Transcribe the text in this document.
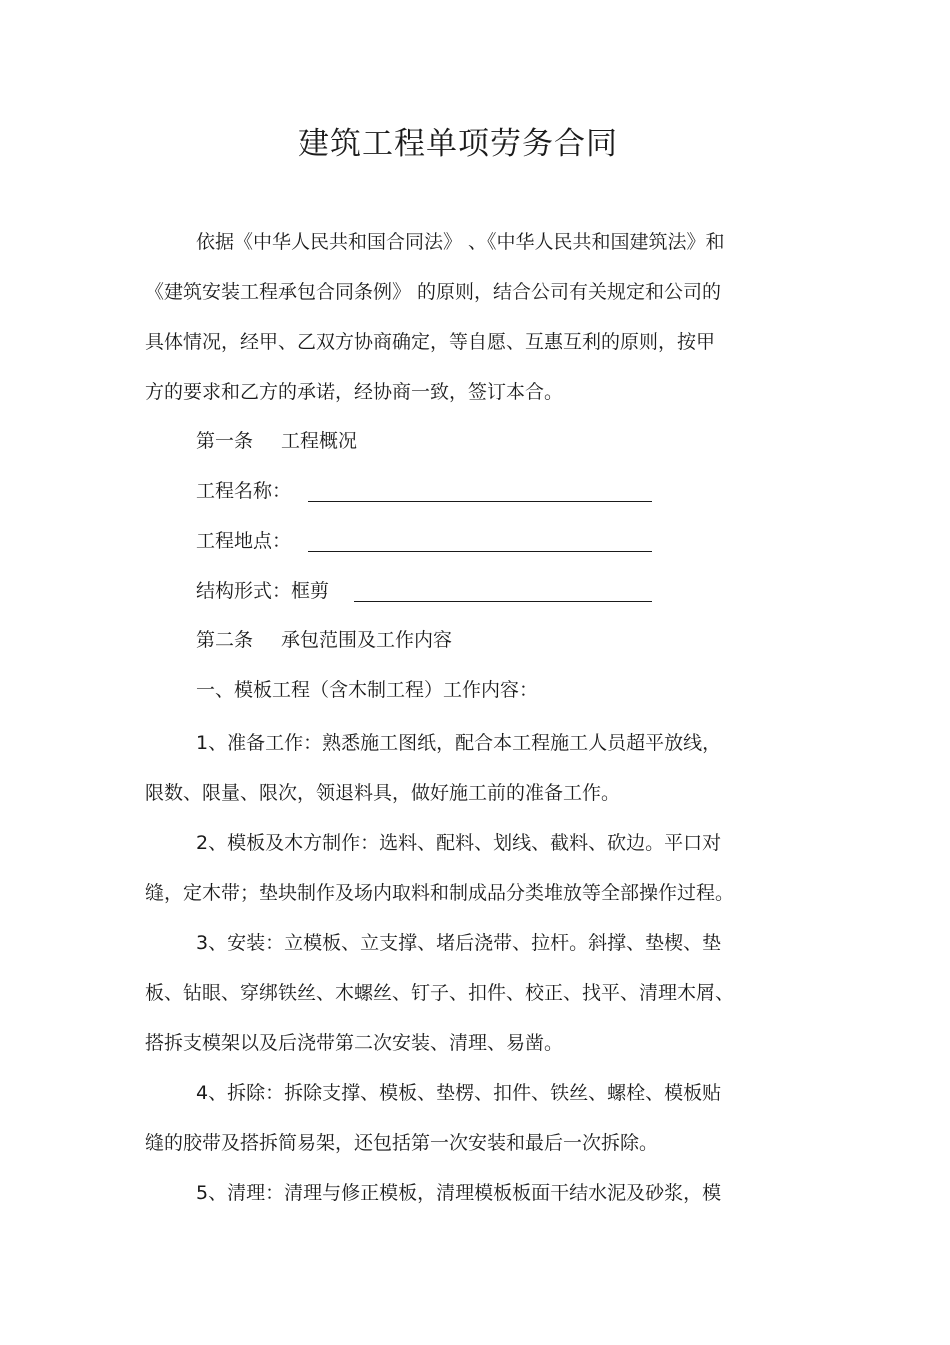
建筑工程单项劳务合同
依据《中华人民共和国合同法》 、《中华人民共和国建筑法》和
《建筑安装工程承包合同条例》 的原则，结合公司有关规定和公司的
具体情况，经甲、乙双方协商确定，等自愿、互惠互利的原则，按甲
方的要求和乙方的承诺，经协商一致，签订本合。
第一条 工程概况
工程名称：
工程地点：
结构形式：框剪
第二条 承包范围及工作内容
一、模板工程（含木制工程）工作内容：
1、准备工作：熟悉施工图纸，配合本工程施工人员超平放线，
限数、限量、限次，领退料具，做好施工前的准备工作。
2、模板及木方制作：选料、配料、划线、截料、砍边。平口对
缝，定木带；垫块制作及场内取料和制成品分类堆放等全部操作过程。
3、安装：立模板、立支撑、堵后浇带、拉杆。斜撑、垫楔、垫
板、钻眼、穿绑铁丝、木螺丝、钉子、扣件、校正、找平、清理木屑、
搭拆支模架以及后浇带第二次安装、清理、易凿。
4、拆除：拆除支撑、模板、垫楞、扣件、铁丝、螺栓、模板贴
缝的胶带及搭拆简易架，还包括第一次安装和最后一次拆除。
5、清理：清理与修正模板，清理模板板面干结水泥及砂浆，模
